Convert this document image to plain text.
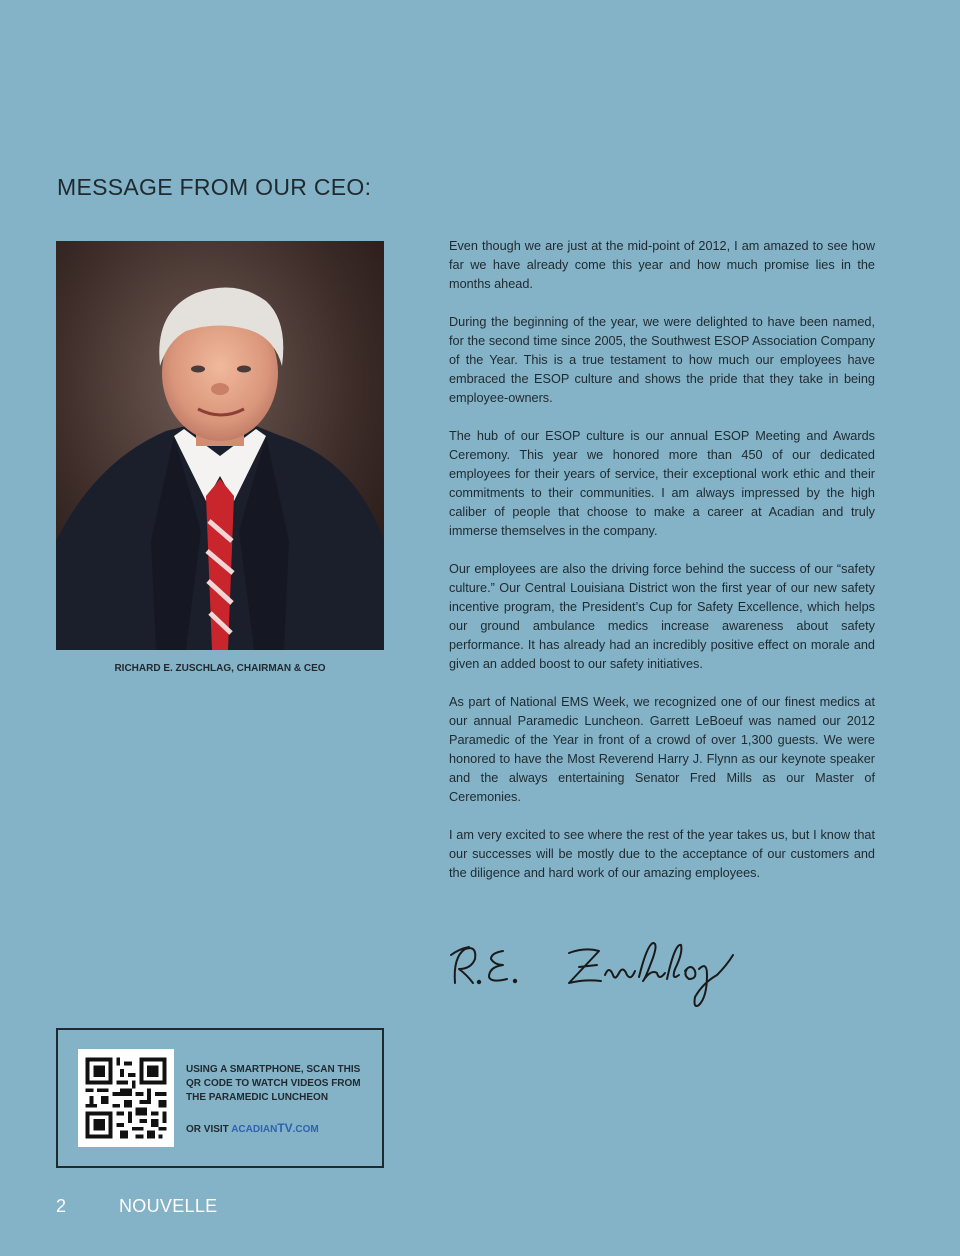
MESSAGE FROM OUR CEO:
RICHARD E. ZUSCHLAG, CHAIRMAN & CEO

Even though we are just at the mid-point of 2012, I am amazed to see how far we have already come this year and how much promise lies in the months ahead.

During the beginning of the year, we were delighted to have been named, for the second time since 2005, the Southwest ESOP Association Company of the Year. This is a true testament to how much our employees have embraced the ESOP culture and shows the pride that they take in being employee-owners.

The hub of our ESOP culture is our annual ESOP Meeting and Awards Ceremony. This year we honored more than 450 of our dedicated employees for their years of service, their exceptional work ethic and their commitments to their communities. I am always impressed by the high caliber of people that choose to make a career at Acadian and truly immerse themselves in the company.

Our employees are also the driving force behind the success of our “safety culture.” Our Central Louisiana District won the first year of our new safety incentive program, the President’s Cup for Safety Excellence, which helps our ground ambulance medics increase awareness about safety performance. It has already had an incredibly positive effect on morale and given an added boost to our safety initiatives.

As part of National EMS Week, we recognized one of our finest medics at our annual Paramedic Luncheon. Garrett LeBoeuf was named our 2012 Paramedic of the Year in front of a crowd of over 1,300 guests. We were honored to have the Most Reverend Harry J. Flynn as our keynote speaker and the always entertaining Senator Fred Mills as our Master of Ceremonies.

I am very excited to see where the rest of the year takes us, but I know that our successes will be mostly due to the acceptance of our customers and the diligence and hard work of our amazing employees.

USING A SMARTPHONE, SCAN THIS QR CODE TO WATCH VIDEOS FROM THE PARAMEDIC LUNCHEON
OR VISIT ACADIANTV.COM
2	NOUVELLE
